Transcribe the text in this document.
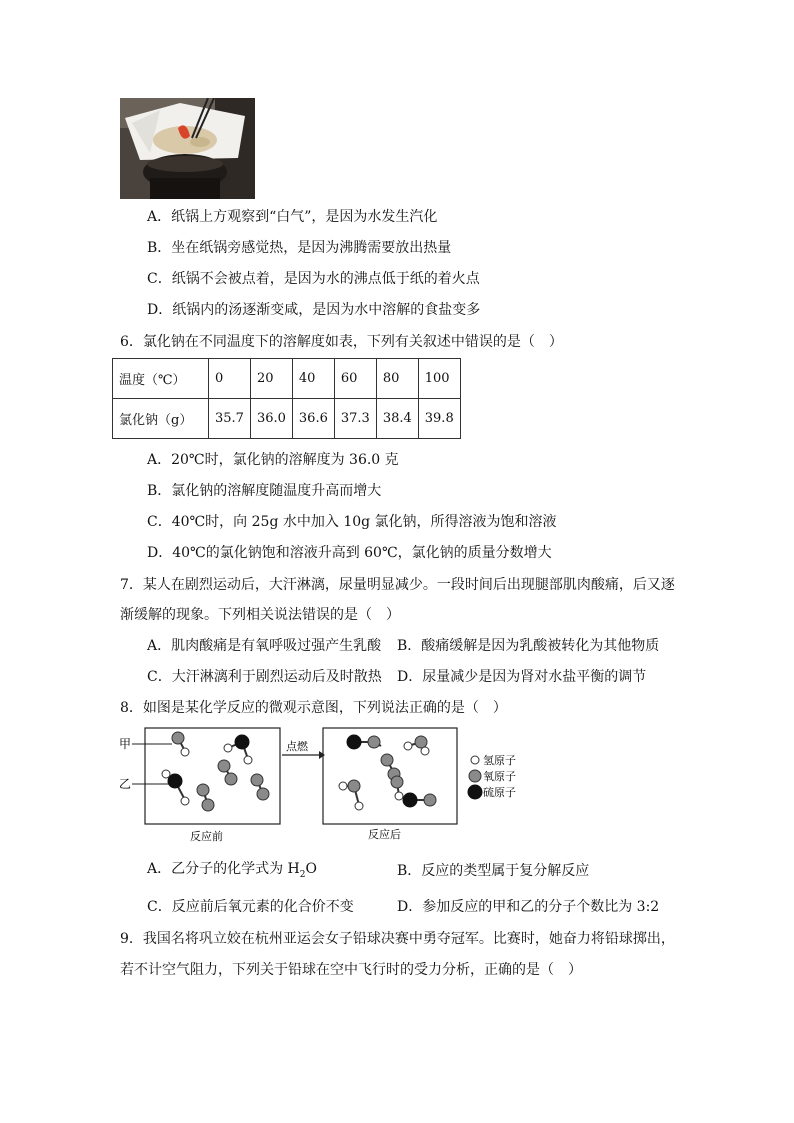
A．纸锅上方观察到“白气”，是因为水发生汽化
B．坐在纸锅旁感觉热，是因为沸腾需要放出热量
C．纸锅不会被点着，是因为水的沸点低于纸的着火点
D．纸锅内的汤逐渐变咸，是因为水中溶解的食盐变多
6．氯化钠在不同温度下的溶解度如表，下列有关叙述中错误的是（　）
温度（℃）	0	20	40	60	80	100
氯化钠（g）	35.7	36.0	36.6	37.3	38.4	39.8
A．20℃时，氯化钠的溶解度为 36.0 克
B．氯化钠的溶解度随温度升高而增大
C．40℃时，向 25g 水中加入 10g 氯化钠，所得溶液为饱和溶液
D．40℃的氯化钠饱和溶液升高到 60℃，氯化钠的质量分数增大
7．某人在剧烈运动后，大汗淋漓，尿量明显减少。一段时间后出现腿部肌肉酸痛，后又逐
渐缓解的现象。下列相关说法错误的是（　）
A．肌肉酸痛是有氧呼吸过强产生乳酸 B．酸痛缓解是因为乳酸被转化为其他物质
C．大汗淋漓利于剧烈运动后及时散热 D．尿量减少是因为肾对水盐平衡的调节
8．如图是某化学反应的微观示意图，下列说法正确的是（　）
点燃
甲
乙
反应前	反应后
氢原子
氧原子
硫原子
A．乙分子的化学式为 $H_2O$	B．反应的类型属于复分解反应
C．反应前后氧元素的化合价不变	D．参加反应的甲和乙的分子个数比为 3:2
9．我国名将巩立姣在杭州亚运会女子铅球决赛中勇夺冠军。比赛时，她奋力将铅球掷出，
若不计空气阻力，下列关于铅球在空中飞行时的受力分析，正确的是（　）
